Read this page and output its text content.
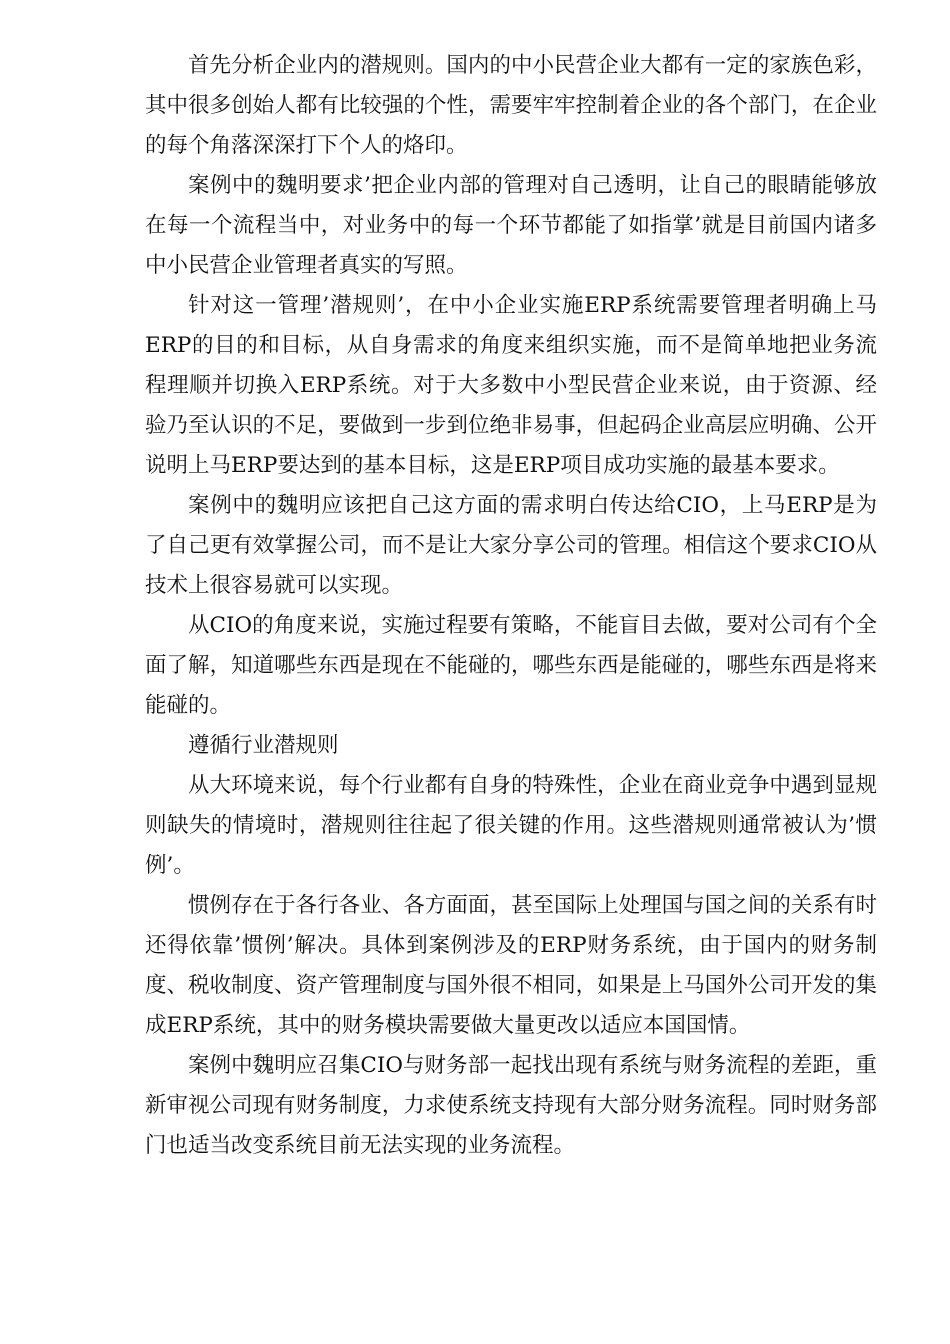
首先分析企业内的潜规则。国内的中小民营企业大都有一定的家族色彩，其中很多创始人都有比较强的个性，需要牢牢控制着企业的各个部门，在企业的每个角落深深打下个人的烙印。

案例中的魏明要求’把企业内部的管理对自己透明，让自己的眼睛能够放在每一个流程当中，对业务中的每一个环节都能了如指掌’就是目前国内诸多中小民营企业管理者真实的写照。

针对这一管理’潜规则’，在中小企业实施ERP系统需要管理者明确上马ERP的目的和目标，从自身需求的角度来组织实施，而不是简单地把业务流程理顺并切换入ERP系统。对于大多数中小型民营企业来说，由于资源、经验乃至认识的不足，要做到一步到位绝非易事，但起码企业高层应明确、公开说明上马ERP要达到的基本目标，这是ERP项目成功实施的最基本要求。

案例中的魏明应该把自己这方面的需求明白传达给CIO，上马ERP是为了自己更有效掌握公司，而不是让大家分享公司的管理。相信这个要求CIO从技术上很容易就可以实现。

从CIO的角度来说，实施过程要有策略，不能盲目去做，要对公司有个全面了解，知道哪些东西是现在不能碰的，哪些东西是能碰的，哪些东西是将来能碰的。

遵循行业潜规则

从大环境来说，每个行业都有自身的特殊性，企业在商业竞争中遇到显规则缺失的情境时，潜规则往往起了很关键的作用。这些潜规则通常被认为’惯例’。

惯例存在于各行各业、各方面面，甚至国际上处理国与国之间的关系有时还得依靠’惯例’解决。具体到案例涉及的ERP财务系统，由于国内的财务制度、税收制度、资产管理制度与国外很不相同，如果是上马国外公司开发的集成ERP系统，其中的财务模块需要做大量更改以适应本国国情。

案例中魏明应召集CIO与财务部一起找出现有系统与财务流程的差距，重新审视公司现有财务制度，力求使系统支持现有大部分财务流程。同时财务部门也适当改变系统目前无法实现的业务流程。
